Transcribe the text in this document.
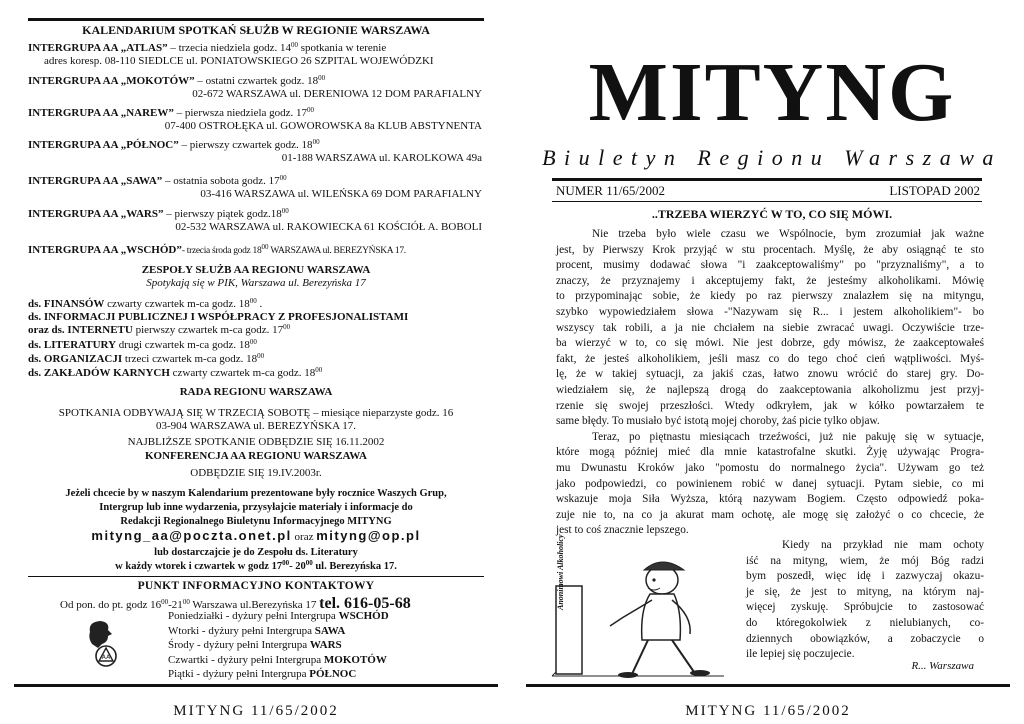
KALENDARIUM SPOTKAŃ SŁUŻB W REGIONIE WARSZAWA
INTERGRUPA AA „ATLAS” – trzecia niedziela godz. $14^{00}$ spotkania w terenie
adres koresp. 08-110 SIEDLCE ul. PONIATOWSKIEGO 26 SZPITAL WOJEWÓDZKI
INTERGRUPA AA „MOKOTÓW” – ostatni czwartek godz. $18^{00}$
02-672 WARSZAWA ul. DERENIOWA 12 DOM PARAFIALNY
INTERGRUPA AA „NAREW” – pierwsza niedziela godz. $17^{00}$
07-400 OSTROŁĘKA ul. GOWOROWSKA 8a KLUB ABSTYNENTA
INTERGRUPA AA „PÓŁNOC” – pierwszy czwartek godz. $18^{00}$
01-188 WARSZAWA ul. KAROLKOWA 49a
INTERGRUPA AA „SAWA” – ostatnia sobota godz. $17^{00}$
03-416 WARSZAWA ul. WILEŃSKA 69 DOM PARAFIALNY
INTERGRUPA AA „WARS” – pierwszy piątek $godz.18^{00}$
02-532 WARSZAWA ul. RAKOWIECKA 61 KOŚCIÓŁ A. BOBOLI
INTERGRUPA AA „WSCHÓD”- trzecia środa godz $18^{00}$ WARSZAWA ul. BEREZYŃSKA 17.
ZESPOŁY SŁUŻB AA REGIONU WARSZAWA
Spotykają się w PIK, Warszawa ul. Berezyńska 17
ds. FINANSÓW czwarty czwartek m-ca godz. $18^{00}$ .
ds. INFORMACJI PUBLICZNEJ I WSPÓŁPRACY Z PROFESJONALISTAMI
oraz ds. INTERNETU pierwszy czwartek m-ca godz. $17^{00}$
ds. LITERATURY drugi czwartek m-ca godz. $18^{00}$
ds. ORGANIZACJI trzeci czwartek m-ca godz. $18^{00}$
ds. ZAKŁADÓW KARNYCH czwarty czwartek m-ca godz. $18^{00}$
RADA REGIONU WARSZAWA
SPOTKANIA ODBYWAJĄ SIĘ W TRZECIĄ SOBOTĘ – miesiące nieparzyste godz. 16
03-904 WARSZAWA ul. BEREZYŃSKA 17.
NAJBLIŻSZE SPOTKANIE ODBĘDZIE SIĘ 16.11.2002
KONFERENCJA AA REGIONU WARSZAWA
ODBĘDZIE SIĘ 19.IV.2003r.
Jeżeli chcecie by w naszym Kalendarium prezentowane były rocznice Waszych Grup,
Intergrup lub inne wydarzenia, przysyłajcie materiały i informacje do
Redakcji Regionalnego Biuletynu Informacyjnego MITYNG
mityng_aa@poczta.onet.pl oraz mityng@op.pl
lub dostarczajcie je do Zespołu ds. Literatury
w każdy wtorek i czwartek w godz $17^{00}-$ $20^{00}$ ul. Berezyńska 17.
PUNKT INFORMACYJNO KONTAKTOWY
Od pon. do pt. godz $16^{00}-21^{00}$ Warszawa ul.Berezyńska 17 tel. 616-05-68
AA
Poniedziałki - dyżury pełni Intergrupa WSCHÓD
Wtorki - dyżury pełni Intergrupa SAWA
Środy - dyżury pełni Intergrupa WARS
Czwartki - dyżury pełni Intergrupa MOKOTÓW
Piątki - dyżury pełni Intergrupa PÓŁNOC
MITYNG 11/65/2002
MITYNG
Biuletyn Regionu Warszawa
NUMER 11/65/2002	LISTOPAD 2002
..TRZEBA WIERZYĆ W TO, CO SIĘ MÓWI.
Nie trzeba było wiele czasu we Wspólnocie, bym zrozumiał jak ważne
jest, by Pierwszy Krok przyjąć w stu procentach. Myślę, że aby osiągnąć te sto
procent, musimy dodawać słowa "i zaakceptowaliśmy" po "przyznaliśmy", a to
znaczy, że przyznajemy i akceptujemy fakt, że jesteśmy alkoholikami. Mówię
to przypominając sobie, że kiedy po raz pierwszy znalazłem się na mityngu,
szybko wypowiedziałem słowa -"Nazywam się R... i jestem alkoholikiem"- bo
wszyscy tak robili, a ja nie chciałem na siebie zwracać uwagi. Oczywiście trze-
ba wierzyć w to, co się mówi. Nie jest dobrze, gdy mówisz, że zaakceptowałeś
fakt, że jesteś alkoholikiem, jeśli masz co do tego choć cień wątpliwości. Myś-
lę, że w takiej sytuacji, za jakiś czas, łatwo znowu wrócić do starej gry. Do-
wiedziałem się, że najlepszą drogą do zaakceptowania alkoholizmu jest przyj-
rzenie się swojej przeszłości. Wtedy odkryłem, jak w kółko powtarzałem te
same błędy. To musiało być istotą mojej choroby, żaś picie tylko objaw.
Teraz, po piętnastu miesiącach trzeźwości, już nie pakuję się w sytuacje,
które mogą później mieć dla mnie katastrofalne skutki. Żyję używając Progra-
mu Dwunastu Kroków jako "pomostu do normalnego życia". Używam go też
jako podpowiedzi, co powinienem robić w danej sytuacji. Pytam siebie, co mi
wskazuje moja Siła Wyższa, którą nazywam Bogiem. Często odpowiedź poka-
zuje nie to, na co ja akurat mam ochotę, ale mogę się założyć o co chcecie, że
jest to coś znacznie lepszego.
Anonimowi Alkoholicy	Kiedy na przykład nie mam ochoty
iść na mityng, wiem, że mój Bóg radzi
bym poszedł, więc idę i zazwyczaj okazu-
je się, że jest to mityng, na którym naj-
więcej zyskuję. Spróbujcie to zastosować
do któregokolwiek z nielubianych, co-
dziennych obowiązków, a zobaczycie o
ile lepiej się poczujecie.
R... Warszawa
MITYNG 11/65/2002
